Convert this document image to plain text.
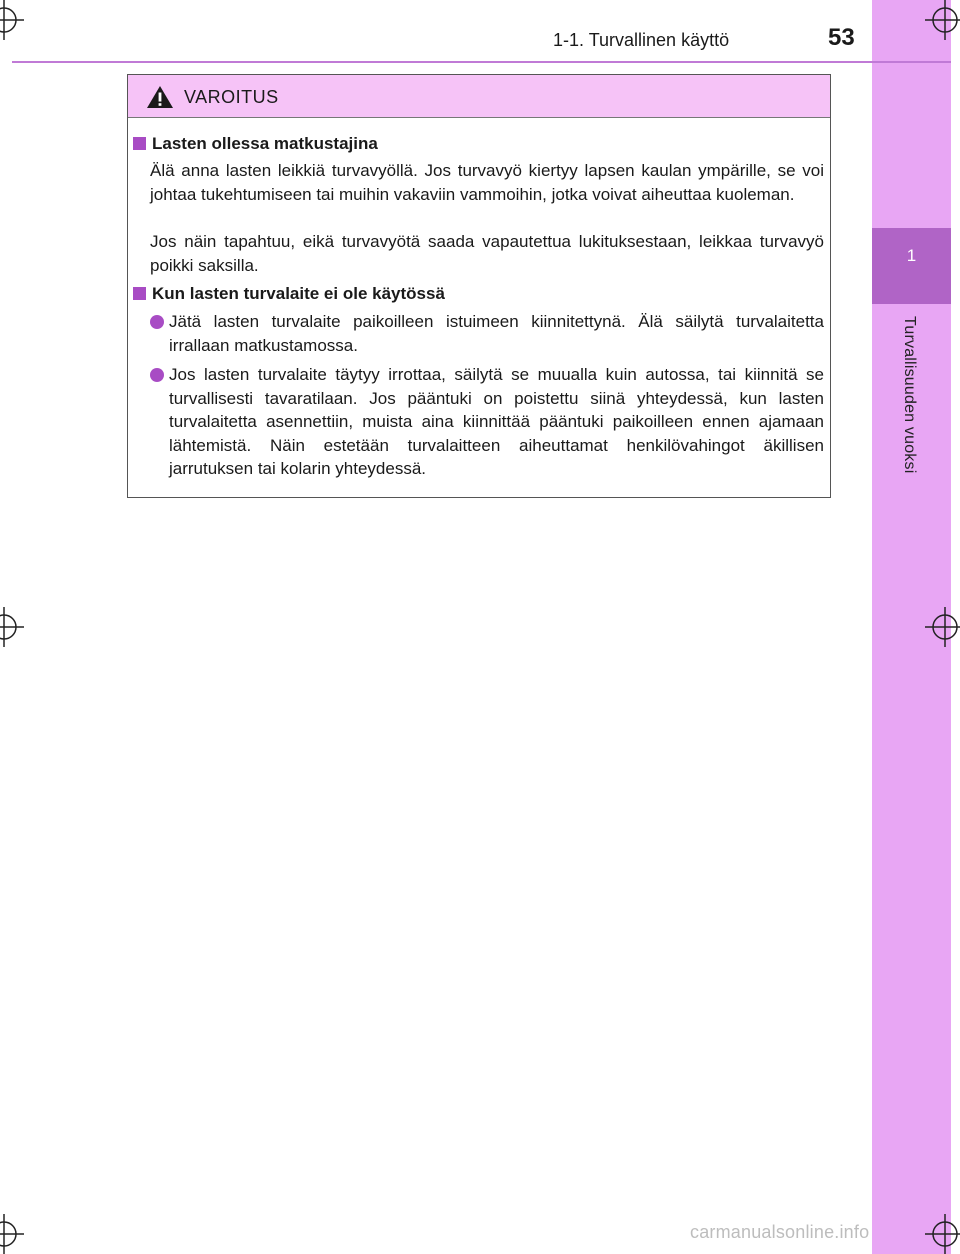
1
Turvallisuuden vuoksi
1-1. Turvallinen käyttö	53
VAROITUS
Lasten ollessa matkustajina
Älä anna lasten leikkiä turvavyöllä. Jos turvavyö kiertyy lapsen kaulan ympärille, se voi johtaa tukehtumiseen tai muihin vakaviin vammoihin, jotka voivat aiheuttaa kuoleman.
Jos näin tapahtuu, eikä turvavyötä saada vapautettua lukituksestaan, leikkaa turvavyö poikki saksilla.
Kun lasten turvalaite ei ole käytössä
Jätä lasten turvalaite paikoilleen istuimeen kiinnitettynä. Älä säilytä turvalaitetta irrallaan matkustamossa.
Jos lasten turvalaite täytyy irrottaa, säilytä se muualla kuin autossa, tai kiinnitä se turvallisesti tavaratilaan. Jos pääntuki on poistettu siinä yhteydessä, kun lasten turvalaitetta asennettiin, muista aina kiinnittää pääntuki paikoilleen ennen ajamaan lähtemistä. Näin estetään turvalaitteen aiheuttamat henkilövahingot äkillisen jarrutuksen tai kolarin yhteydessä.
carmanualsonline.info
